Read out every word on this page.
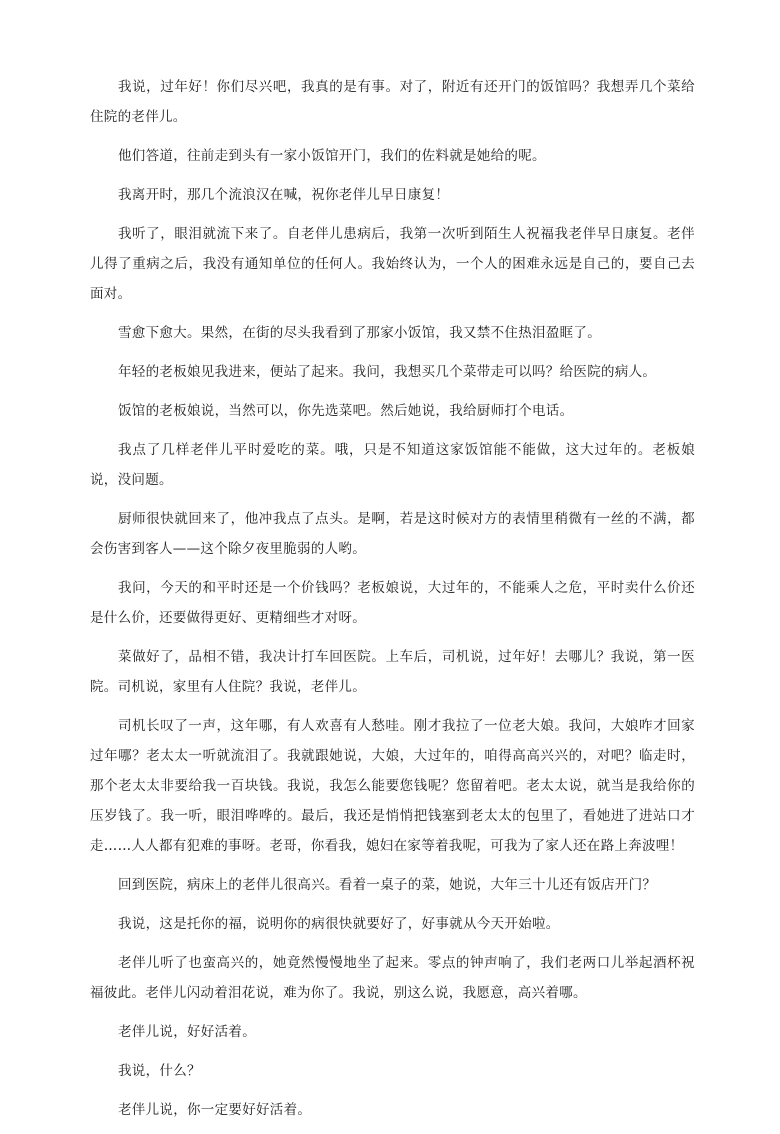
我说，过年好！你们尽兴吧，我真的是有事。对了，附近有还开门的饭馆吗？我想弄几个菜给住院的老伴儿。

他们答道，往前走到头有一家小饭馆开门，我们的佐料就是她给的呢。

我离开时，那几个流浪汉在喊，祝你老伴儿早日康复！

我听了，眼泪就流下来了。自老伴儿患病后，我第一次听到陌生人祝福我老伴早日康复。老伴儿得了重病之后，我没有通知单位的任何人。我始终认为，一个人的困难永远是自己的，要自己去面对。

雪愈下愈大。果然，在街的尽头我看到了那家小饭馆，我又禁不住热泪盈眶了。

年轻的老板娘见我进来，便站了起来。我问，我想买几个菜带走可以吗？给医院的病人。

饭馆的老板娘说，当然可以，你先选菜吧。然后她说，我给厨师打个电话。

我点了几样老伴儿平时爱吃的菜。哦，只是不知道这家饭馆能不能做，这大过年的。老板娘说，没问题。

厨师很快就回来了，他冲我点了点头。是啊，若是这时候对方的表情里稍微有一丝的不满，都会伤害到客人——这个除夕夜里脆弱的人哟。

我问，今天的和平时还是一个价钱吗？老板娘说，大过年的，不能乘人之危，平时卖什么价还是什么价，还要做得更好、更精细些才对呀。

菜做好了，品相不错，我决计打车回医院。上车后，司机说，过年好！去哪儿？我说，第一医院。司机说，家里有人住院？我说，老伴儿。

司机长叹了一声，这年哪，有人欢喜有人愁哇。刚才我拉了一位老大娘。我问，大娘咋才回家过年哪？老太太一听就流泪了。我就跟她说，大娘，大过年的，咱得高高兴兴的，对吧？临走时，那个老太太非要给我一百块钱。我说，我怎么能要您钱呢？您留着吧。老太太说，就当是我给你的压岁钱了。我一听，眼泪哗哗的。最后，我还是悄悄把钱塞到老太太的包里了，看她进了进站口才走……人人都有犯难的事呀。老哥，你看我，媳妇在家等着我呢，可我为了家人还在路上奔波哩！

回到医院，病床上的老伴儿很高兴。看着一桌子的菜，她说，大年三十儿还有饭店开门？

我说，这是托你的福，说明你的病很快就要好了，好事就从今天开始啦。

老伴儿听了也蛮高兴的，她竟然慢慢地坐了起来。零点的钟声响了，我们老两口儿举起酒杯祝福彼此。老伴儿闪动着泪花说，难为你了。我说，别这么说，我愿意，高兴着哪。

老伴儿说，好好活着。

我说，什么？

老伴儿说，你一定要好好活着。
